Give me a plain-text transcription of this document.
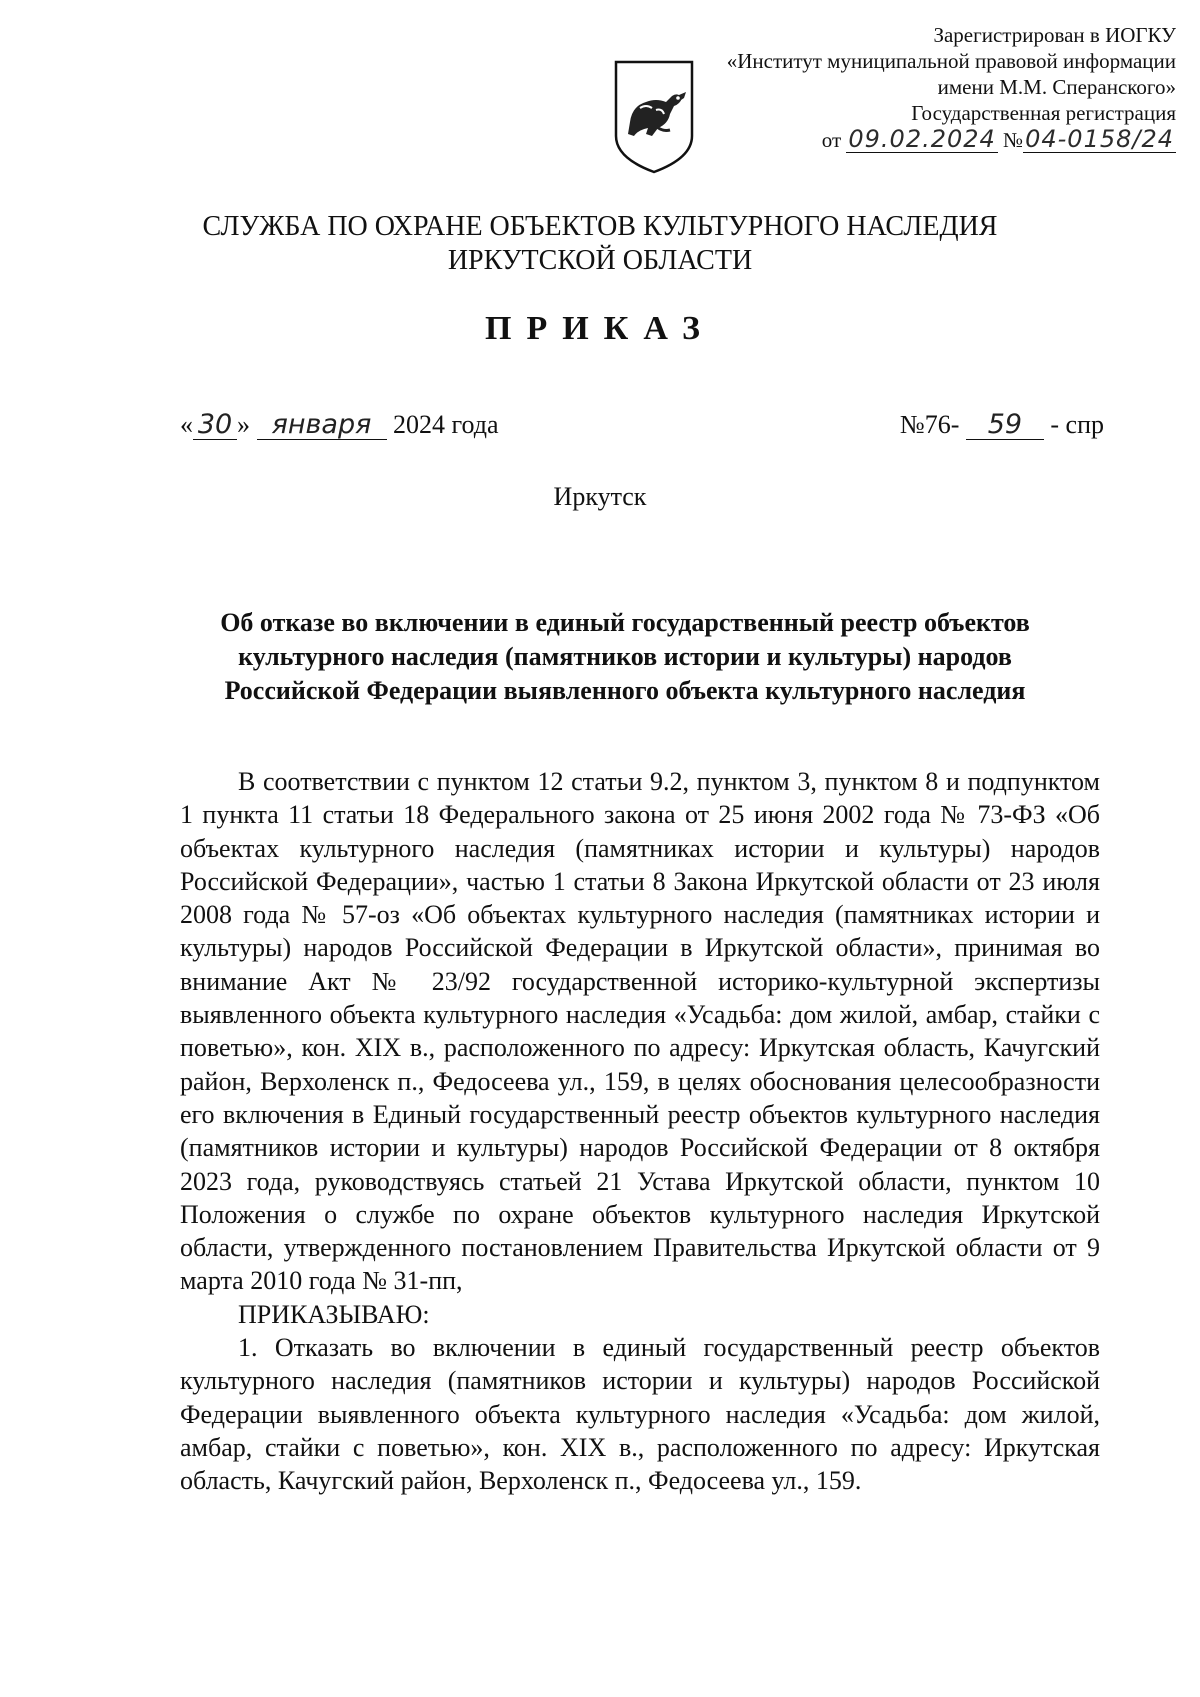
Зарегистрирован в ИОГКУ
«Институт муниципальной правовой информации
имени М.М. Сперанского»
Государственная регистрация
от 09.02.2024 №04-0158/24
СЛУЖБА ПО ОХРАНЕ ОБЪЕКТОВ КУЛЬТУРНОГО НАСЛЕДИЯ
ИРКУТСКОЙ ОБЛАСТИ
ПРИКАЗ
« 30 » января 2024 года	№76- 59 - спр
Иркутск
Об отказе во включении в единый государственный реестр объектов
культурного наследия (памятников истории и культуры) народов
Российской Федерации выявленного объекта культурного наследия

В соответствии с пунктом 12 статьи 9.2, пунктом 3, пунктом 8 и подпунктом 1 пункта 11 статьи 18 Федерального закона от 25 июня 2002 года № 73-ФЗ «Об объектах культурного наследия (памятниках истории и культуры) народов Российской Федерации», частью 1 статьи 8 Закона Иркутской области от 23 июля 2008 года № 57-оз «Об объектах культурного наследия (памятниках истории и культуры) народов Российской Федерации в Иркутской области», принимая во внимание Акт № 23/92 государственной историко-культурной экспертизы выявленного объекта культурного наследия «Усадьба: дом жилой, амбар, стайки с поветью», кон. XIX в., расположенного по адресу: Иркутская область, Качугский район, Верхоленск п., Федосеева ул., 159, в целях обоснования целесообразности его включения в Единый государственный реестр объектов культурного наследия (памятников истории и культуры) народов Российской Федерации от 8 октября 2023 года, руководствуясь статьей 21 Устава Иркутской области, пунктом 10 Положения о службе по охране объектов культурного наследия Иркутской области, утвержденного постановлением Правительства Иркутской области от 9 марта 2010 года № 31-пп,

ПРИКАЗЫВАЮ:

1. Отказать во включении в единый государственный реестр объектов культурного наследия (памятников истории и культуры) народов Российской Федерации выявленного объекта культурного наследия «Усадьба: дом жилой, амбар, стайки с поветью», кон. XIX в., расположенного по адресу: Иркутская область, Качугский район, Верхоленск п., Федосеева ул., 159.
